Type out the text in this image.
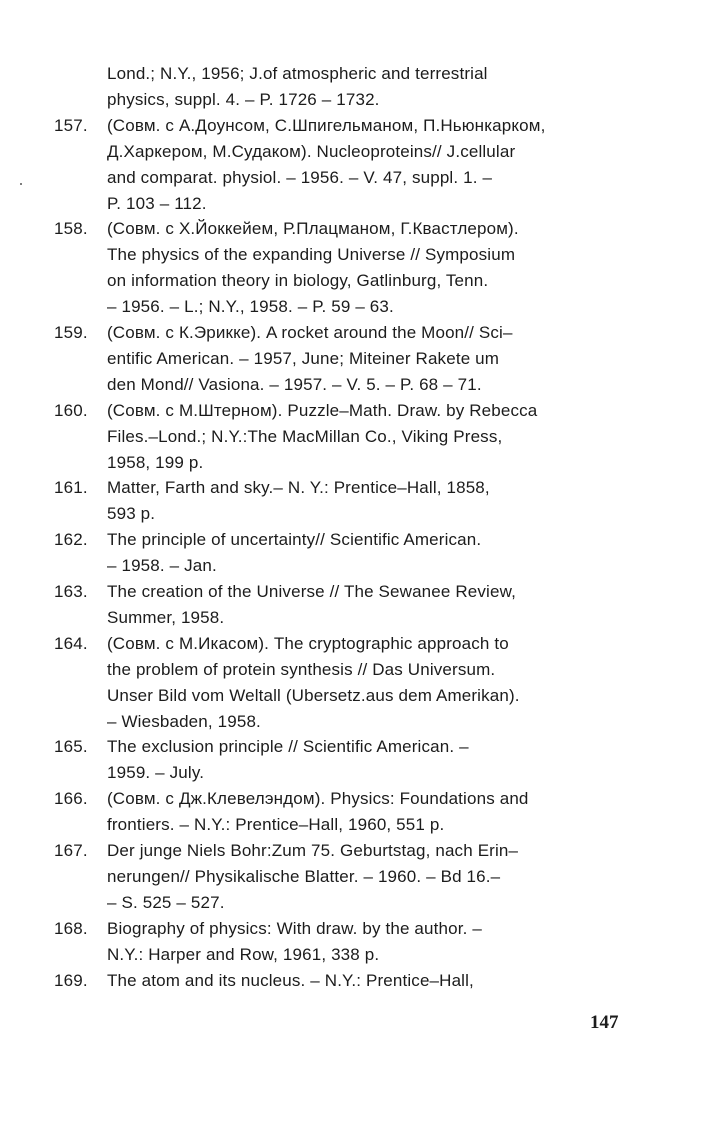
Lond.; N.Y., 1956; J.of atmospheric and terrestrial
physics, suppl. 4. – P. 1726 – 1732.
157.	(Совм. с А.Доунсом, С.Шпигельманом, П.Ньюнкарком,
Д.Харкером, М.Судаком). Nucleoproteins// J.cellular
and comparat. physiol. – 1956. – V. 47, suppl. 1. –
P. 103 – 112.
158.	(Совм. с Х.Йоккейем, Р.Плацманом, Г.Квастлером).
The physics of the expanding Universe // Symposium
on information theory in biology, Gatlinburg, Tenn.
– 1956. – L.; N.Y., 1958. – P. 59 – 63.
159.	(Совм. с К.Эрикке). A rocket around the Moon// Sci–
entific American. – 1957, June; Miteiner Rakete um
den Mond// Vasiona. – 1957. – V. 5. – P. 68 – 71.
160.	(Совм. с М.Штерном). Puzzle–Math. Draw. by Rebecca
Files.–Lond.; N.Y.:The MacMillan Co., Viking Press,
1958, 199 p.
161.	Matter, Farth and sky.– N. Y.: Prentice–Hall, 1858,
593 p.
162.	The principle of uncertainty// Scientific American.
– 1958. – Jan.
163.	The creation of the Universe // The Sewanee Review,
Summer, 1958.
164.	(Совм. с М.Икасом). The cryptographic approach to
the problem of protein synthesis // Das Universum.
Unser Bild vom Weltall (Ubersetz.aus dem Amerikan).
– Wiesbaden, 1958.
165.	The exclusion principle // Scientific American. –
1959. – July.
166.	(Совм. с Дж.Клевелэндом). Physics: Foundations and
frontiers. – N.Y.: Prentice–Hall, 1960, 551 p.
167.	Der junge Niels Bohr:Zum 75. Geburtstag, nach Erin–
nerungen// Physikalische Blatter. – 1960. – Bd 16.–
– S. 525 – 527.
168.	Biography of physics: With draw. by the author. –
N.Y.: Harper and Row, 1961, 338 p.
169.	The atom and its nucleus. – N.Y.: Prentice–Hall,
147
